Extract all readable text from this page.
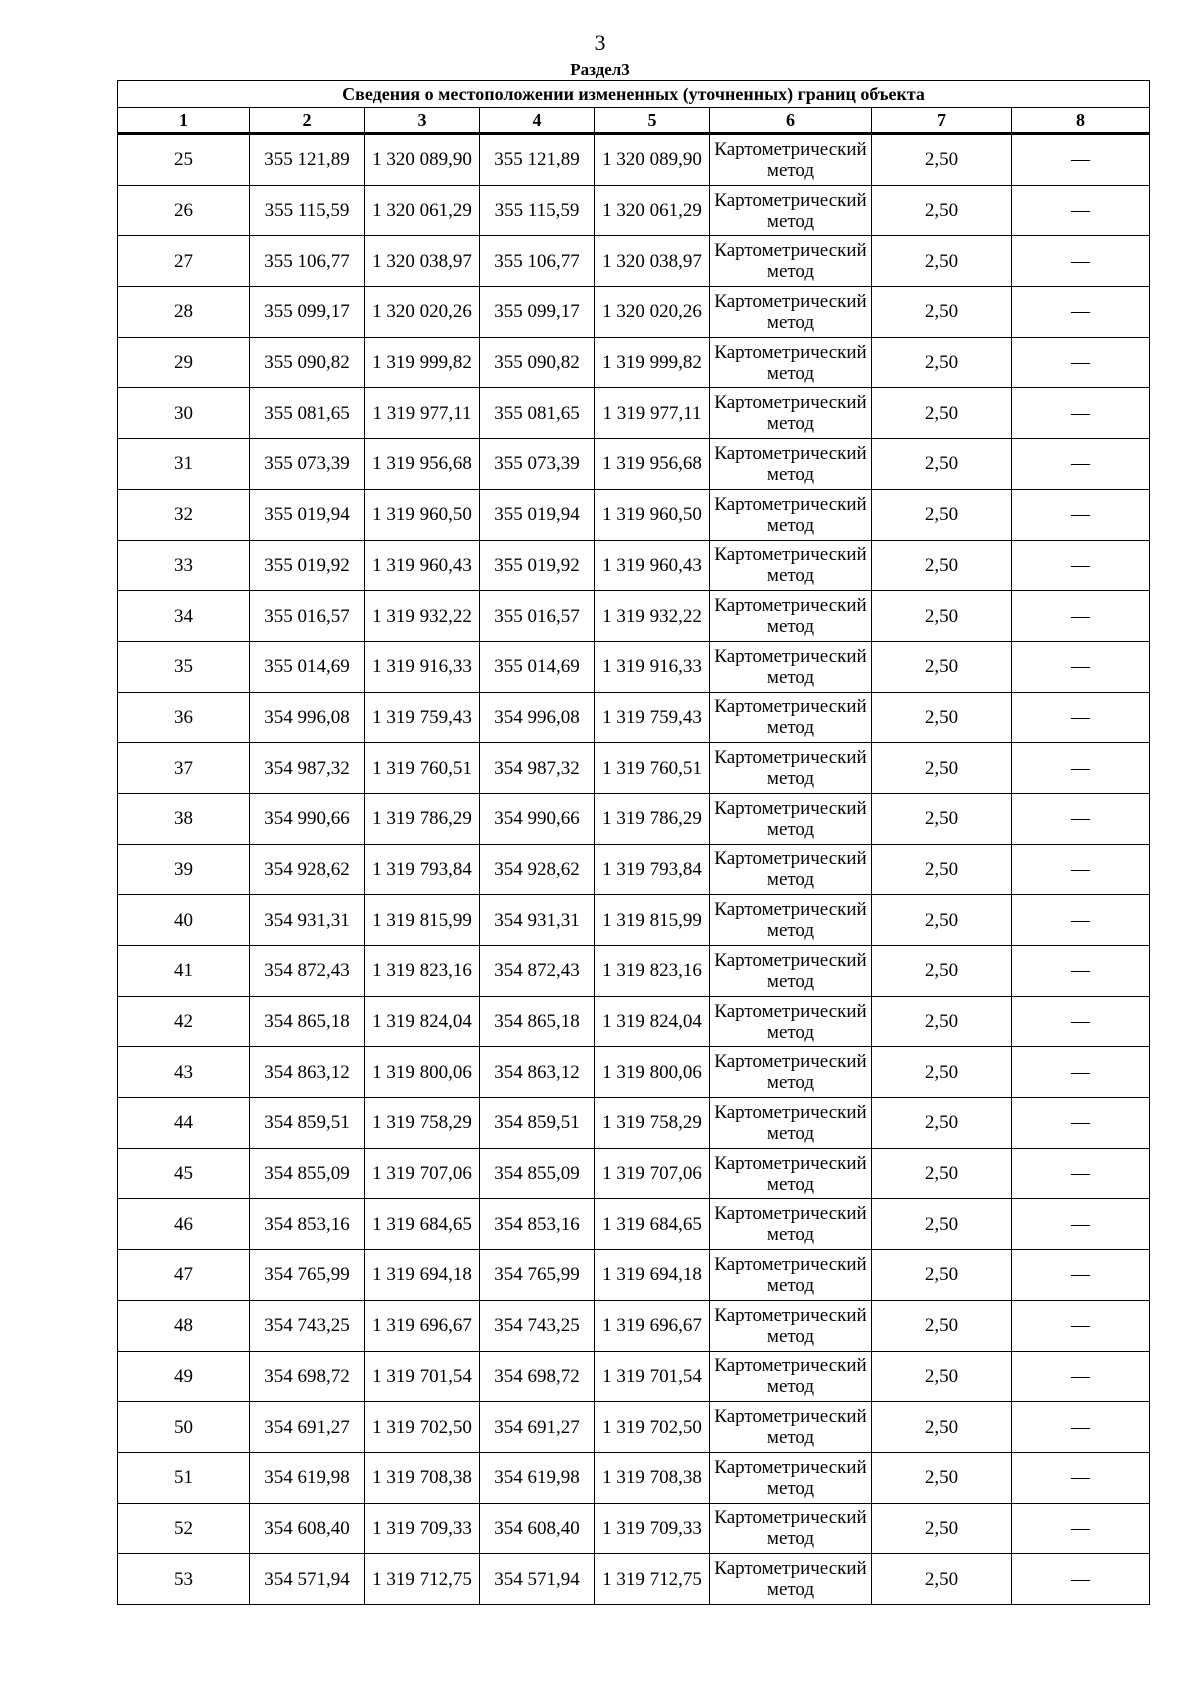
3
Раздел3
Сведения о местоположении измененных (уточненных) границ объекта							
1	2	3	4	5	6	7	8
25	355 121,89	1 320 089,90	355 121,89	1 320 089,90	Картометрический метод	2,50	—
26	355 115,59	1 320 061,29	355 115,59	1 320 061,29	Картометрический метод	2,50	—
27	355 106,77	1 320 038,97	355 106,77	1 320 038,97	Картометрический метод	2,50	—
28	355 099,17	1 320 020,26	355 099,17	1 320 020,26	Картометрический метод	2,50	—
29	355 090,82	1 319 999,82	355 090,82	1 319 999,82	Картометрический метод	2,50	—
30	355 081,65	1 319 977,11	355 081,65	1 319 977,11	Картометрический метод	2,50	—
31	355 073,39	1 319 956,68	355 073,39	1 319 956,68	Картометрический метод	2,50	—
32	355 019,94	1 319 960,50	355 019,94	1 319 960,50	Картометрический метод	2,50	—
33	355 019,92	1 319 960,43	355 019,92	1 319 960,43	Картометрический метод	2,50	—
34	355 016,57	1 319 932,22	355 016,57	1 319 932,22	Картометрический метод	2,50	—
35	355 014,69	1 319 916,33	355 014,69	1 319 916,33	Картометрический метод	2,50	—
36	354 996,08	1 319 759,43	354 996,08	1 319 759,43	Картометрический метод	2,50	—
37	354 987,32	1 319 760,51	354 987,32	1 319 760,51	Картометрический метод	2,50	—
38	354 990,66	1 319 786,29	354 990,66	1 319 786,29	Картометрический метод	2,50	—
39	354 928,62	1 319 793,84	354 928,62	1 319 793,84	Картометрический метод	2,50	—
40	354 931,31	1 319 815,99	354 931,31	1 319 815,99	Картометрический метод	2,50	—
41	354 872,43	1 319 823,16	354 872,43	1 319 823,16	Картометрический метод	2,50	—
42	354 865,18	1 319 824,04	354 865,18	1 319 824,04	Картометрический метод	2,50	—
43	354 863,12	1 319 800,06	354 863,12	1 319 800,06	Картометрический метод	2,50	—
44	354 859,51	1 319 758,29	354 859,51	1 319 758,29	Картометрический метод	2,50	—
45	354 855,09	1 319 707,06	354 855,09	1 319 707,06	Картометрический метод	2,50	—
46	354 853,16	1 319 684,65	354 853,16	1 319 684,65	Картометрический метод	2,50	—
47	354 765,99	1 319 694,18	354 765,99	1 319 694,18	Картометрический метод	2,50	—
48	354 743,25	1 319 696,67	354 743,25	1 319 696,67	Картометрический метод	2,50	—
49	354 698,72	1 319 701,54	354 698,72	1 319 701,54	Картометрический метод	2,50	—
50	354 691,27	1 319 702,50	354 691,27	1 319 702,50	Картометрический метод	2,50	—
51	354 619,98	1 319 708,38	354 619,98	1 319 708,38	Картометрический метод	2,50	—
52	354 608,40	1 319 709,33	354 608,40	1 319 709,33	Картометрический метод	2,50	—
53	354 571,94	1 319 712,75	354 571,94	1 319 712,75	Картометрический метод	2,50	—
